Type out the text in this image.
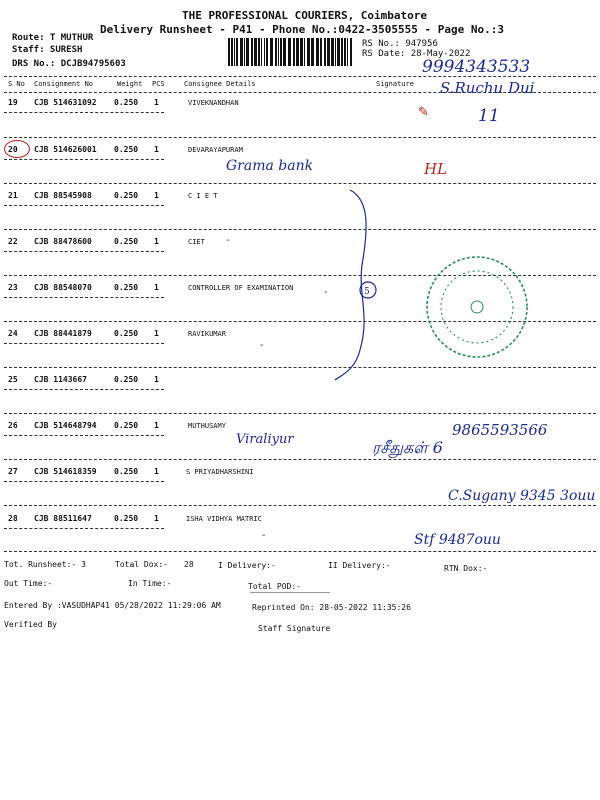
THE PROFESSIONAL COURIERS, Coimbatore
Delivery Runsheet - P41 - Phone No.:0422-3505555 - Page No.:3
Route: T MUTHUR
Staff: SURESH
DRS No.: DCJB94795603
RS No.: 947956
RS Date: 28-May-2022
S No Consignment No	Weight PCS	Consignee Details	Signature
19 CJB 514631092 0.250 1	VIVEKNANDHAN
20 CJB 514626001 0.250 1	DEVARAYAPURAM
21 CJB 88545908	0.250 1	C I E T
22 CJB 88478600	0.250 1	CIET
23 CJB 88548070	0.250 1	CONTROLLER OF EXAMINATION
24 CJB 88441879	0.250 1	RAVIKUMAR
25 CJB 1143667	0.250 1
26 CJB 514648794 0.250 1	MUTHUSAMY
27 CJB 514618359 0.250 1	S PRIYADHARSHINI
28 CJB 88511647	0.250 1	ISHA VIDHYA MATRIC
9994343533
S.Ruchu Dui
11
✎
Grama bank	HL
Viraliyur
9865593566
ரசீதுகள் 6
C.Sugany 9345 3ouu
Stf 9487ouu
5
-
-
-
-
Tot. Runsheet:- 3	Total Dox:- 28	I Delivery:-	II Delivery:-	RTN Dox:-
Out Time:-	In Time:-	Total POD:-
Entered By :VASUDHAP41 05/28/2022 11:29:06 AM	Reprinted On: 28-05-2022 11:35:26
Verified By	Staff Signature
